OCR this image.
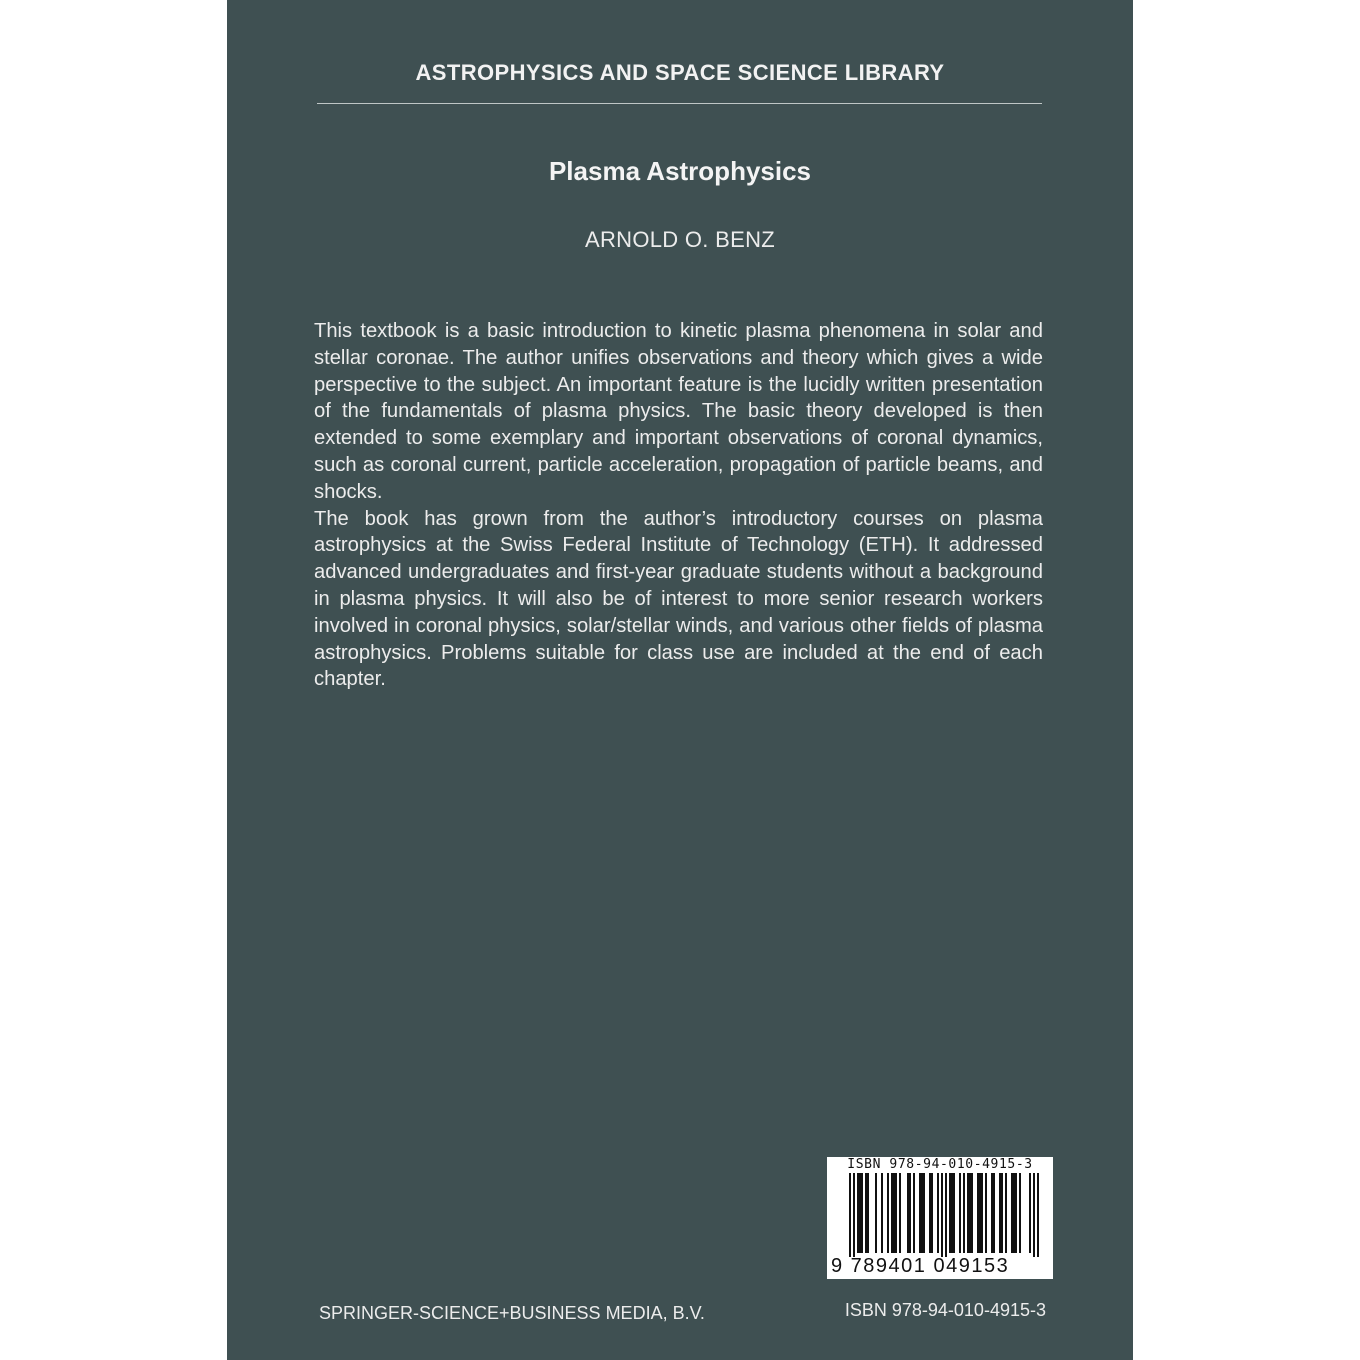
ASTROPHYSICS AND SPACE SCIENCE LIBRARY
Plasma Astrophysics
ARNOLD O. BENZ

This textbook is a basic introduction to kinetic plasma phenomena in solar and stellar coronae. The author unifies observations and theory which gives a wide perspective to the subject. An important feature is the lucidly written presentation of the fundamentals of plasma physics. The basic theory developed is then extended to some exemplary and important observations of coronal dynamics, such as coronal current, particle acceleration, propagation of particle beams, and shocks.

The book has grown from the author’s introductory courses on plasma astrophysics at the Swiss Federal Institute of Technology (ETH). It addressed advanced undergraduates and first-year graduate students without a background in plasma physics. It will also be of interest to more senior research workers involved in coronal physics, solar/stellar winds, and various other fields of plasma astrophysics. Problems suitable for class use are included at the end of each chapter.

ISBN 978-94-010-4915-3
9 789401 049153
SPRINGER-SCIENCE+BUSINESS MEDIA, B.V.	ISBN 978-94-010-4915-3
